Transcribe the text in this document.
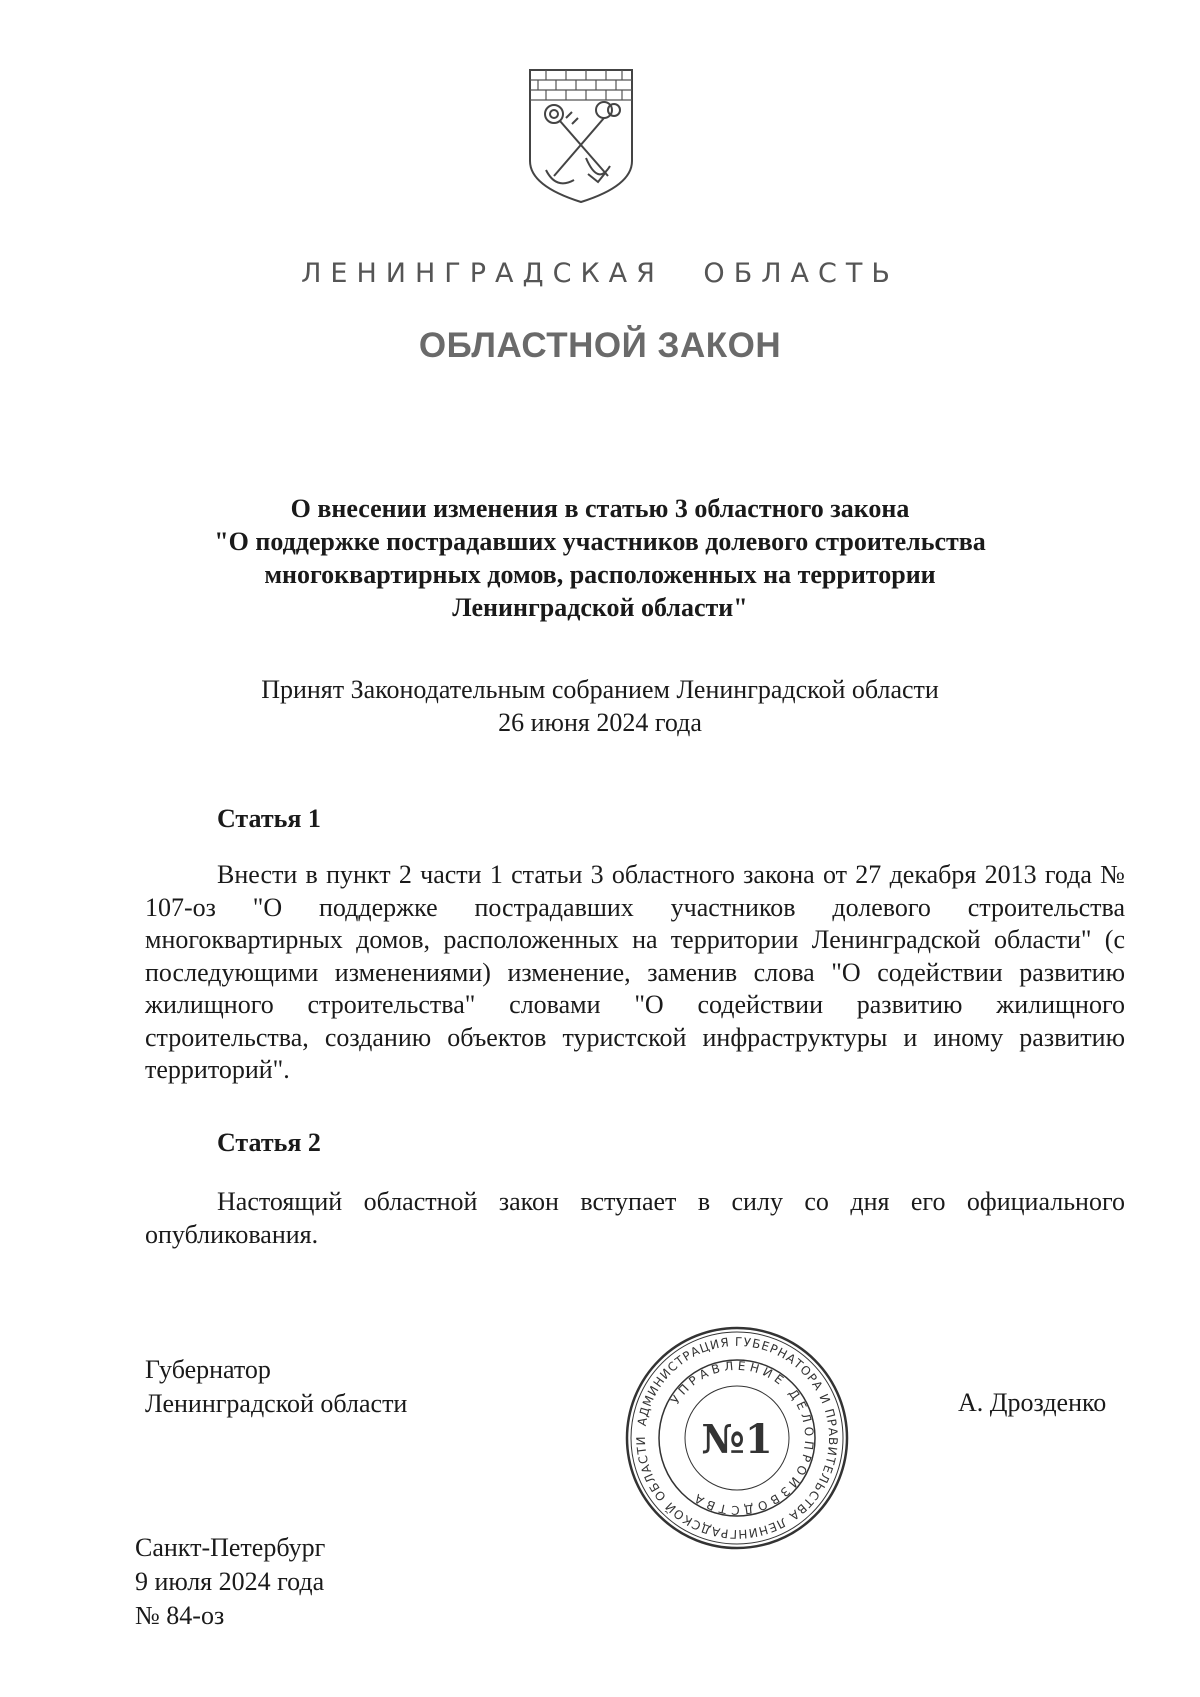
ЛЕНИНГРАДСКАЯ ОБЛАСТЬ
ОБЛАСТНОЙ ЗАКОН
О внесении изменения в статью 3 областного закона
"О поддержке пострадавших участников долевого строительства
многоквартирных домов, расположенных на территории
Ленинградской области"
Принят Законодательным собранием Ленинградской области
26 июня 2024 года
Статья 1
Внести в пункт 2 части 1 статьи 3 областного закона от 27 декабря 2013 года № 107-оз "О поддержке пострадавших участников долевого строительства многоквартирных домов, расположенных на территории Ленинградской области" (с последующими изменениями) изменение, заменив слова "О содействии развитию жилищного строительства" словами "О содействии развитию жилищного строительства, созданию объектов туристской инфраструктуры и иному развитию территорий".
Статья 2
Настоящий областной закон вступает в силу со дня его официального опубликования.
Губернатор
Ленинградской области	А. Дрозденко
АДМИНИСТРАЦИЯ ГУБЕРНАТОРА И ПРАВИТЕЛЬСТВА ЛЕНИНГРАДСКОЙ ОБЛАСТИ
УПРАВЛЕНИЕ ДЕЛОПРОИЗВОДСТВА
№1
Санкт-Петербург
9 июля 2024 года
№ 84-оз
